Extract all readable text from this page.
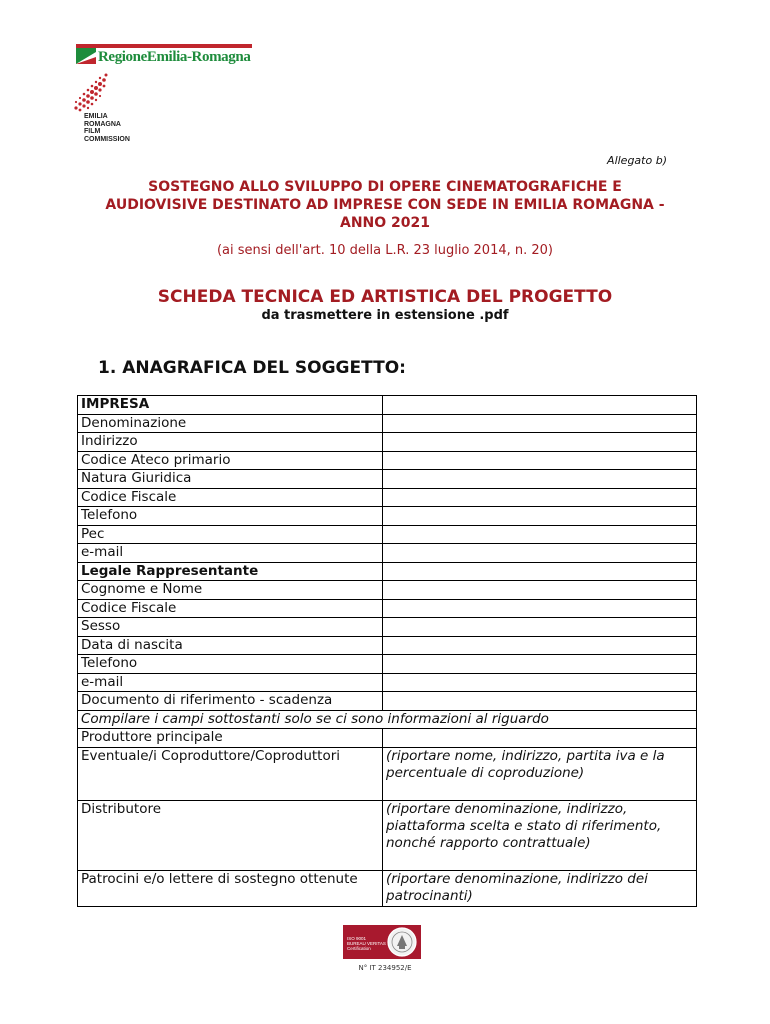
RegioneEmilia-Romagna
EMILIA
ROMAGNA
FILM
COMMISSION
Allegato b)
SOSTEGNO ALLO SVILUPPO DI OPERE CINEMATOGRAFICHE E
AUDIOVISIVE DESTINATO AD IMPRESE CON SEDE IN EMILIA ROMAGNA -
ANNO 2021
(ai sensi dell'art. 10 della L.R. 23 luglio 2014, n. 20)
SCHEDA TECNICA ED ARTISTICA DEL PROGETTO
da trasmettere in estensione .pdf
1. ANAGRAFICA DEL SOGGETTO:
IMPRESA	
Denominazione	
Indirizzo	
Codice Ateco primario	
Natura Giuridica	
Codice Fiscale	
Telefono	
Pec	
e-mail	
Legale Rappresentante	
Cognome e Nome	
Codice Fiscale	
Sesso	
Data di nascita	
Telefono	
e-mail	
Documento di riferimento - scadenza	
Compilare i campi sottostanti solo se ci sono informazioni al riguardo	
Produttore principale	
Eventuale/i Coproduttore/Coproduttori	(riportare nome, indirizzo, partita iva e la percentuale di coproduzione)
Distributore	(riportare denominazione, indirizzo, piattaforma scelta e stato di riferimento, nonché rapporto contrattuale)
Patrocini e/o lettere di sostegno ottenute	(riportare denominazione, indirizzo dei patrocinanti)
ISO 9001
BUREAU VERITAS
Certification
N° IT 234952/E
